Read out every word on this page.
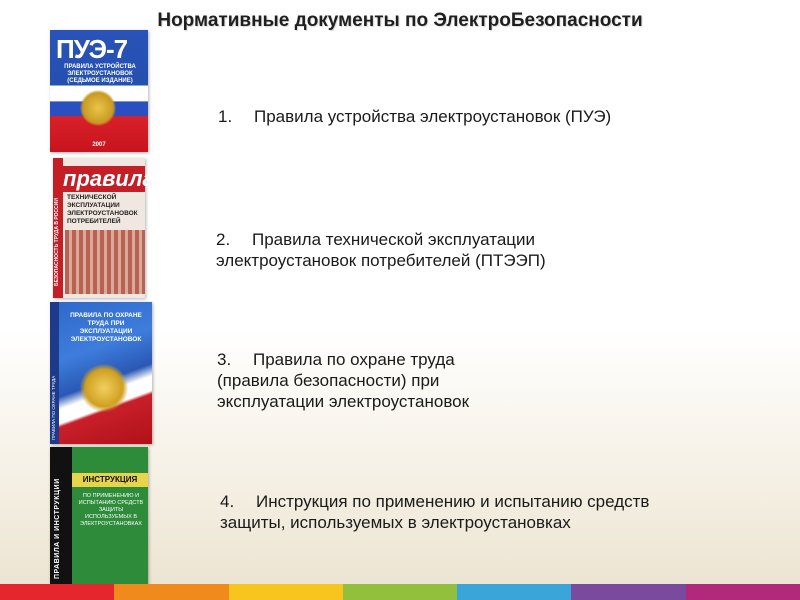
Нормативные документы по ЭлектроБезопасности
ПУЭ-7
ПРАВИЛА УСТРОЙСТВА ЭЛЕКТРОУСТАНОВОК (СЕДЬМОЕ ИЗДАНИЕ)
2007
БЕЗОПАСНОСТЬ ТРУДА В РОССИИ
правила
ТЕХНИЧЕСКОЙ ЭКСПЛУАТАЦИИ ЭЛЕКТРОУСТАНОВОК ПОТРЕБИТЕЛЕЙ
ПРАВИЛА ПО ОХРАНЕ ТРУДА
ПРАВИЛА ПО ОХРАНЕ ТРУДА ПРИ ЭКСПЛУАТАЦИИ ЭЛЕКТРОУСТАНОВОК
ПРАВИЛА И ИНСТРУКЦИИ	ИНСТРУКЦИЯ
ПО ПРИМЕНЕНИЮ И ИСПЫТАНИЮ СРЕДСТВ ЗАЩИТЫ ИСПОЛЬЗУЕМЫХ В ЭЛЕКТРОУСТАНОВКАХ
1. Правила устройства электроустановок (ПУЭ)
2. Правила технической эксплуатации
электроустановок потребителей (ПТЭЭП)
3. Правила по охране труда
(правила безопасности) при
эксплуатации электроустановок
4. Инструкция по применению и испытанию средств
защиты, используемых в электроустановках
